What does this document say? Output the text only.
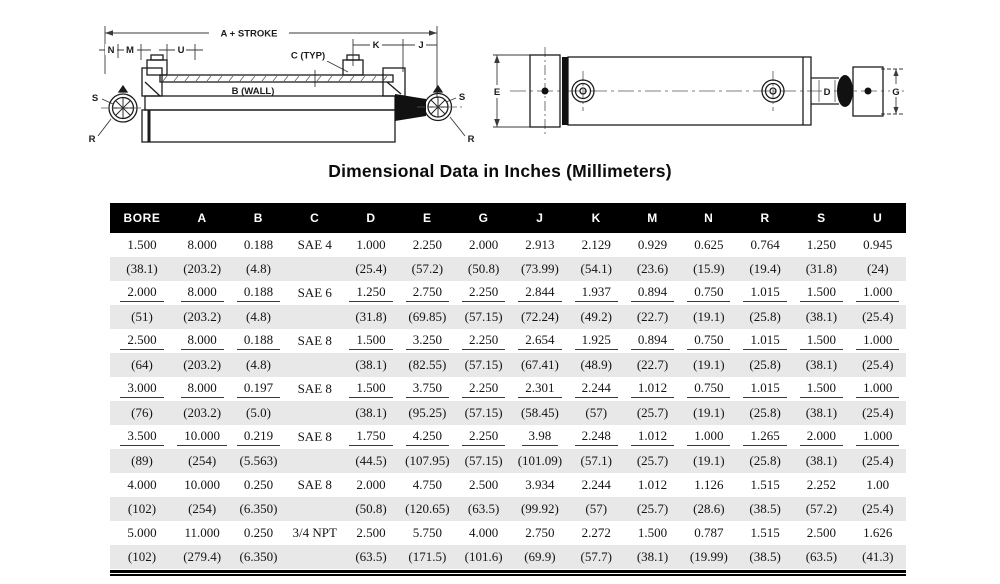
A + STROKE
N M	U	K	J
C (TYP)
B (WALL)
S
R
S
R
E	D	G
Dimensional Data in Inches (Millimeters)
BORE	A	B	C	D	E	G	J	K	M	N	R	S	U
1.500	8.000	0.188	SAE 4	1.000	2.250	2.000	2.913	2.129	0.929	0.625	0.764	1.250	0.945
(38.1)	(203.2)	(4.8)		(25.4)	(57.2)	(50.8)	(73.99)	(54.1)	(23.6)	(15.9)	(19.4)	(31.8)	(24)
2.000	8.000	0.188	SAE 6	1.250	2.750	2.250	2.844	1.937	0.894	0.750	1.015	1.500	1.000
(51)	(203.2)	(4.8)		(31.8)	(69.85)	(57.15)	(72.24)	(49.2)	(22.7)	(19.1)	(25.8)	(38.1)	(25.4)
2.500	8.000	0.188	SAE 8	1.500	3.250	2.250	2.654	1.925	0.894	0.750	1.015	1.500	1.000
(64)	(203.2)	(4.8)		(38.1)	(82.55)	(57.15)	(67.41)	(48.9)	(22.7)	(19.1)	(25.8)	(38.1)	(25.4)
3.000	8.000	0.197	SAE 8	1.500	3.750	2.250	2.301	2.244	1.012	0.750	1.015	1.500	1.000
(76)	(203.2)	(5.0)		(38.1)	(95.25)	(57.15)	(58.45)	(57)	(25.7)	(19.1)	(25.8)	(38.1)	(25.4)
3.500	10.000	0.219	SAE 8	1.750	4.250	2.250	3.98	2.248	1.012	1.000	1.265	2.000	1.000
(89)	(254)	(5.563)		(44.5)	(107.95)	(57.15)	(101.09)	(57.1)	(25.7)	(19.1)	(25.8)	(38.1)	(25.4)
4.000	10.000	0.250	SAE 8	2.000	4.750	2.500	3.934	2.244	1.012	1.126	1.515	2.252	1.00
(102)	(254)	(6.350)		(50.8)	(120.65)	(63.5)	(99.92)	(57)	(25.7)	(28.6)	(38.5)	(57.2)	(25.4)
5.000	11.000	0.250	3/4 NPT	2.500	5.750	4.000	2.750	2.272	1.500	0.787	1.515	2.500	1.626
(102)	(279.4)	(6.350)		(63.5)	(171.5)	(101.6)	(69.9)	(57.7)	(38.1)	(19.99)	(38.5)	(63.5)	(41.3)
